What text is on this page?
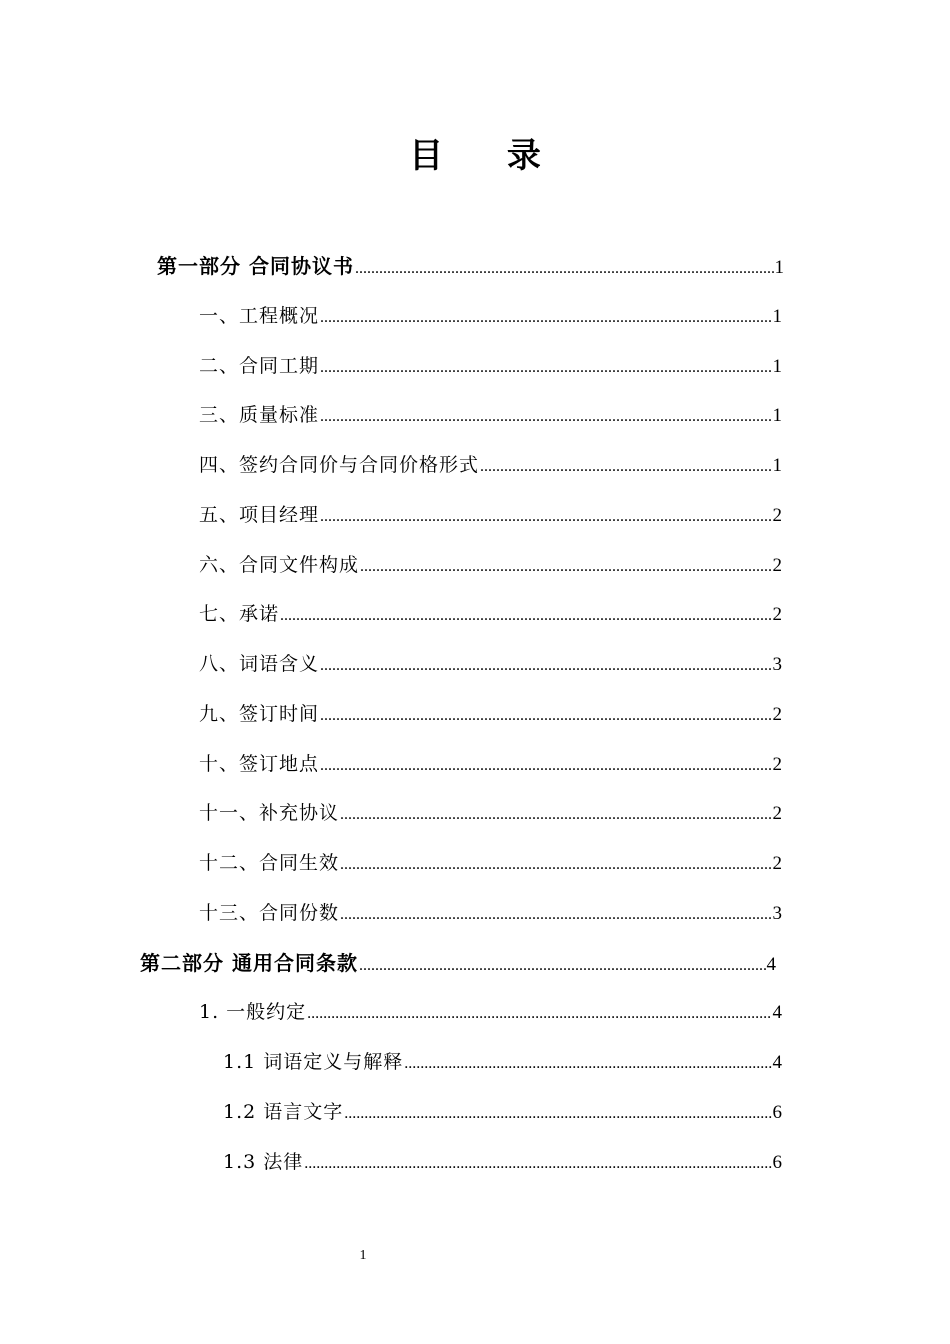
目 录
第一部分 合同协议书 .....	1
一、工程概况 .....	1
二、合同工期 .....	1
三、质量标准 .....	1
四、签约合同价与合同价格形式 .....	1
五、项目经理 .....	2
六、合同文件构成 .....	2
七、承诺 .....	2
八、词语含义 .....	3
九、签订时间 .....	2
十、签订地点 .....	2
十一、补充协议 .....	2
十二、合同生效 .....	2
十三、合同份数 .....	3
第二部分 通用合同条款 .....	4
1. 一般约定 .....	4
1.1 词语定义与解释 .....	4
1.2 语言文字 .....	6
1.3 法律 .....	6
1
